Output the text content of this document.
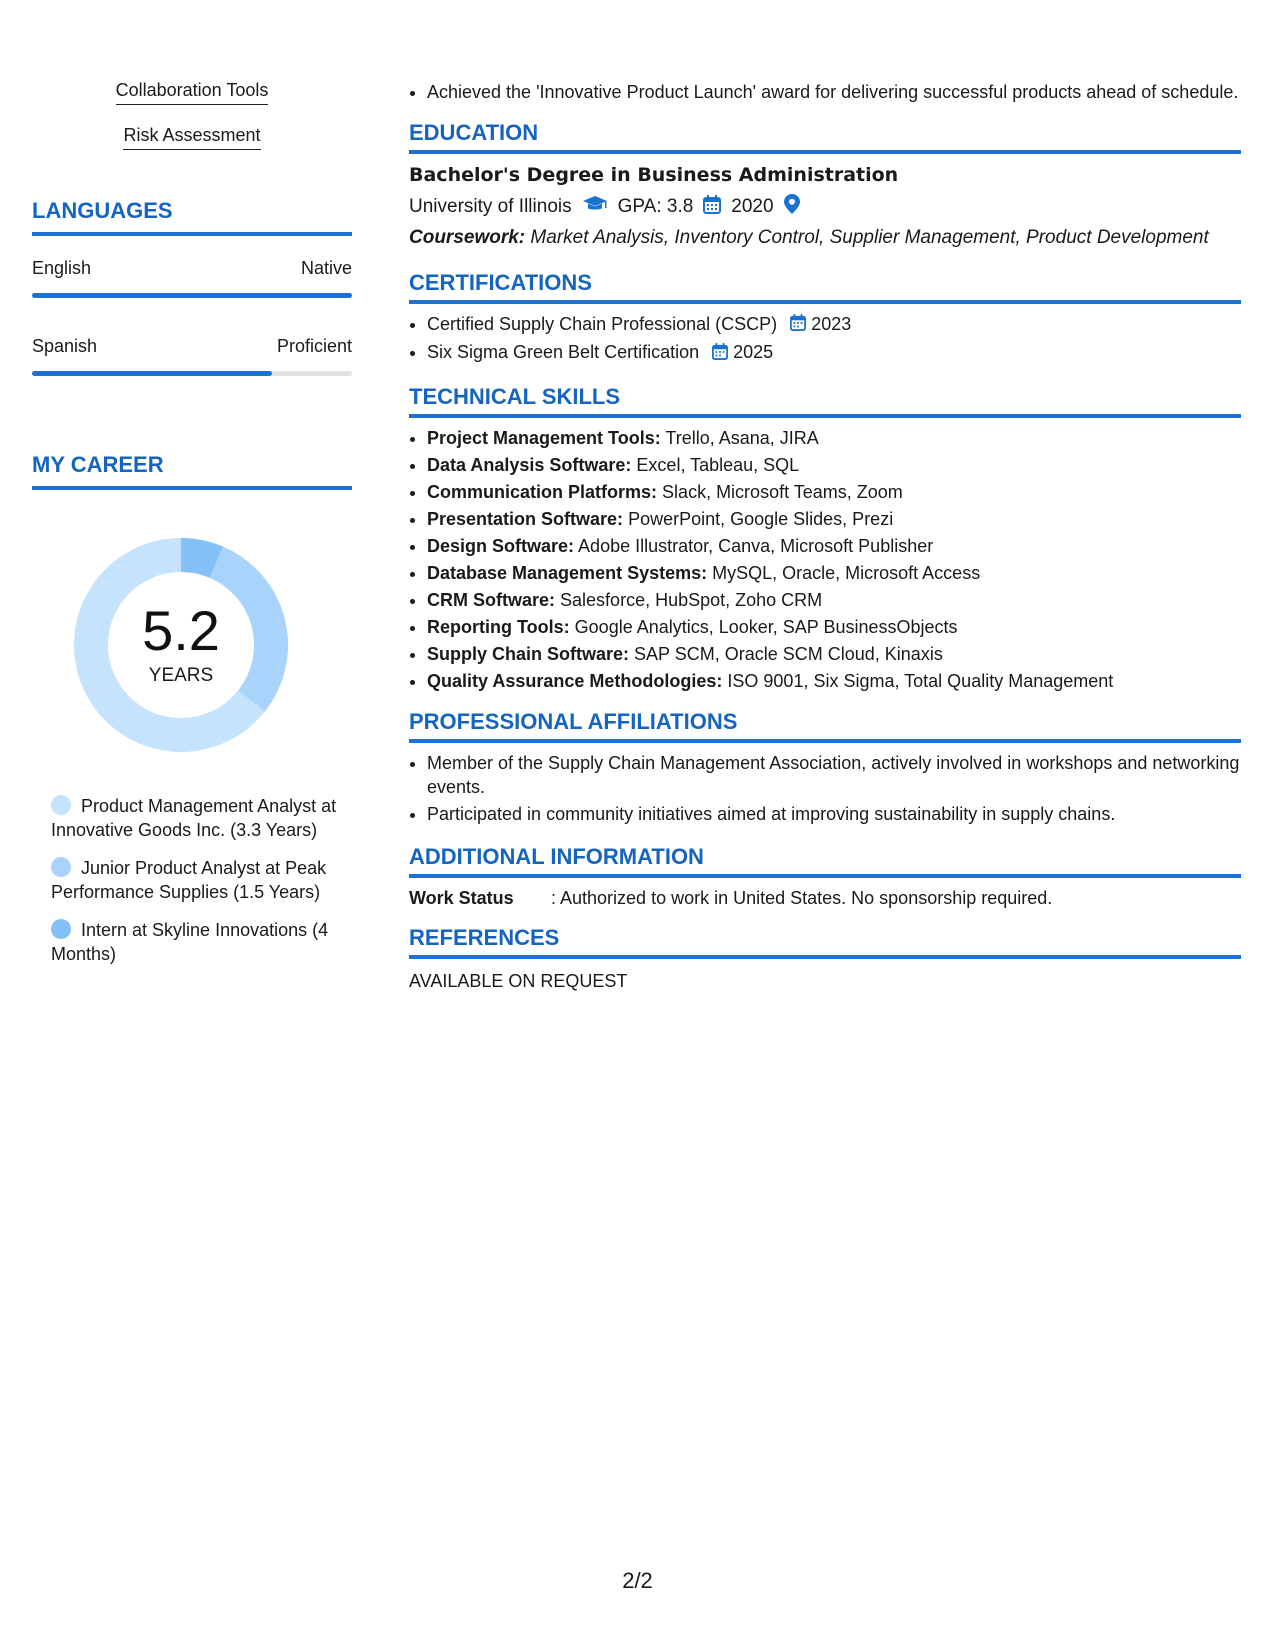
Collaboration Tools
Risk Assessment
LANGUAGES
English	Native
Spanish	Proficient
MY CAREER
5.2
YEARS
Product Management Analyst at Innovative Goods Inc. (3.3 Years)
Junior Product Analyst at Peak Performance Supplies (1.5 Years)
Intern at Skyline Innovations (4 Months)
• Achieved the 'Innovative Product Launch' award for delivering successful products ahead of schedule.
EDUCATION
Bachelor's Degree in Business Administration
University of Illinois GPA: 3.8 2020
Coursework: Market Analysis, Inventory Control, Supplier Management, Product Development
CERTIFICATIONS
• Certified Supply Chain Professional (CSCP) 2023
• Six Sigma Green Belt Certification 2025
TECHNICAL SKILLS
• Project Management Tools: Trello, Asana, JIRA
• Data Analysis Software: Excel, Tableau, SQL
• Communication Platforms: Slack, Microsoft Teams, Zoom
• Presentation Software: PowerPoint, Google Slides, Prezi
• Design Software: Adobe Illustrator, Canva, Microsoft Publisher
• Database Management Systems: MySQL, Oracle, Microsoft Access
• CRM Software: Salesforce, HubSpot, Zoho CRM
• Reporting Tools: Google Analytics, Looker, SAP BusinessObjects
• Supply Chain Software: SAP SCM, Oracle SCM Cloud, Kinaxis
• Quality Assurance Methodologies: ISO 9001, Six Sigma, Total Quality Management
PROFESSIONAL AFFILIATIONS
• Member of the Supply Chain Management Association, actively involved in workshops and networking events.
• Participated in community initiatives aimed at improving sustainability in supply chains.
ADDITIONAL INFORMATION
Work Status	: Authorized to work in United States. No sponsorship required.
REFERENCES
AVAILABLE ON REQUEST
2/2
